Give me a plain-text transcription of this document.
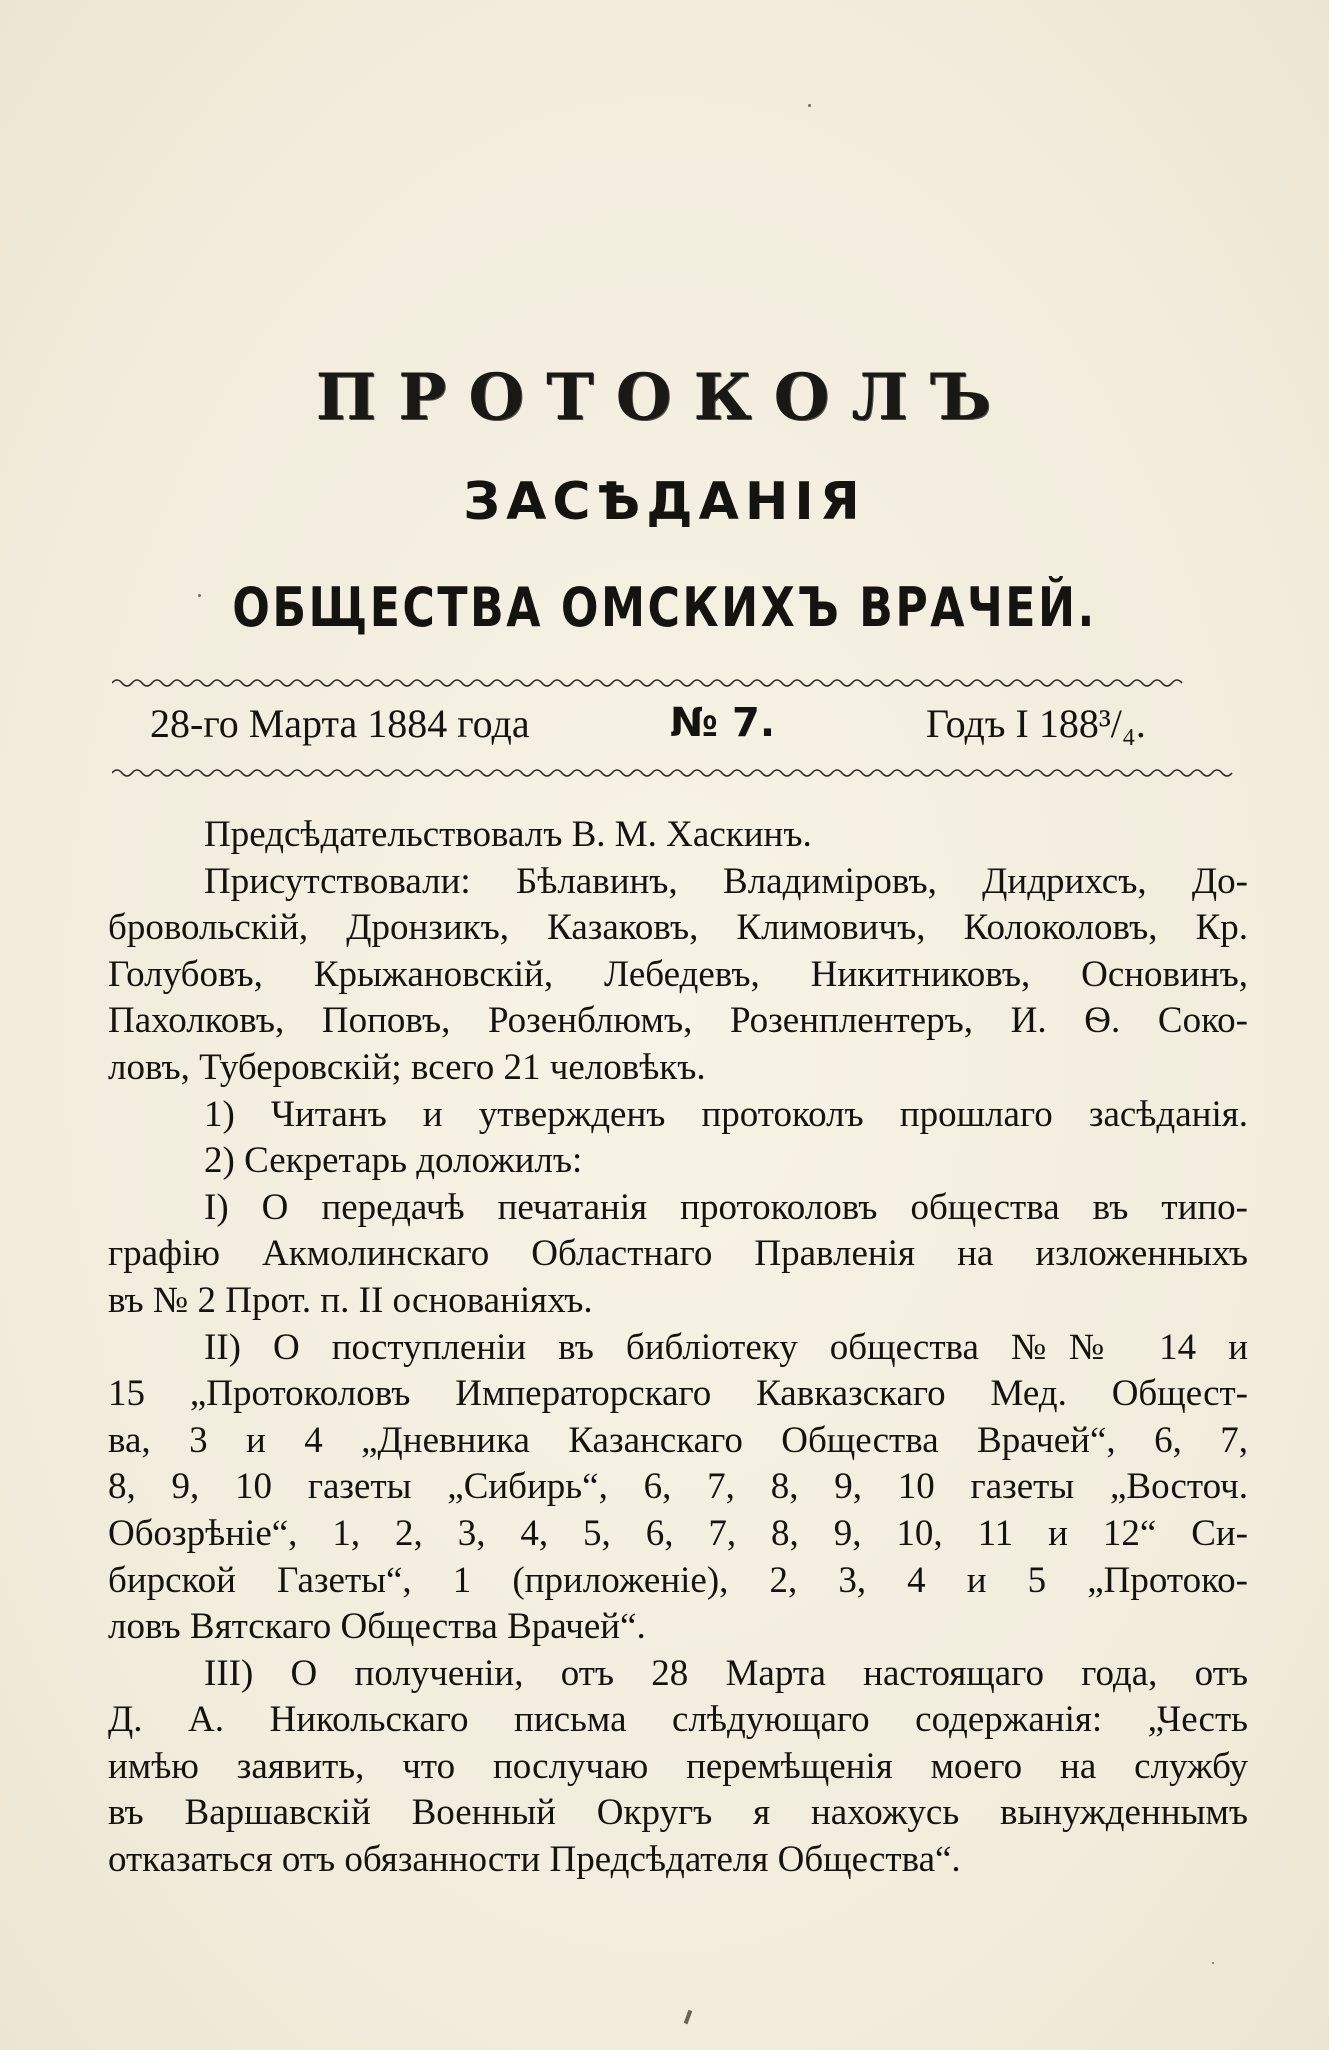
ПРОТОКОЛЪ
ЗАСѢДАНІЯ
ОБЩЕСТВА ОМСКИХЪ ВРАЧЕЙ.
28-го Марта 1884 года	№ 7.	Годъ I 188³/₄.
Предсѣдательствовалъ В. М. Хаскинъ.
Присутствовали: Бѣлавинъ, Владиміровъ, Дидрихсъ, До-
бровольскій, Дронзикъ, Казаковъ, Климовичъ, Колоколовъ, Кр.
Голубовъ, Крыжановскій, Лебедевъ, Никитниковъ, Основинъ,
Пахолковъ, Поповъ, Розенблюмъ, Розенплентеръ, И. Ѳ. Соко-
ловъ, Туберовскій; всего 21 человѣкъ.
1) Читанъ и утвержденъ протоколъ прошлаго засѣданія.
2) Секретарь доложилъ:
I) О передачѣ печатанія протоколовъ общества въ типо-
графію Акмолинскаго Областнаго Правленія на изложенныхъ
въ № 2 Прот. п. II основаніяхъ.
II) О поступленіи въ библіотеку общества №№ 14 и
15 „Протоколовъ Императорскаго Кавказскаго Мед. Общест-
ва, 3 и 4 „Дневника Казанскаго Общества Врачей“, 6, 7,
8, 9, 10 газеты „Сибирь“, 6, 7, 8, 9, 10 газеты „Восточ.
Обозрѣніе“, 1, 2, 3, 4, 5, 6, 7, 8, 9, 10, 11 и 12“ Си-
бирской Газеты“, 1 (приложеніе), 2, 3, 4 и 5 „Протоко-
ловъ Вятскаго Общества Врачей“.
III) О полученіи, отъ 28 Марта настоящаго года, отъ
Д. А. Никольскаго письма слѣдующаго содержанія: „Честь
имѣю заявить, что послучаю перемѣщенія моего на службу
въ Варшавскій Военный Округъ я нахожусь вынужденнымъ
отказаться отъ обязанности Предсѣдателя Общества“.
